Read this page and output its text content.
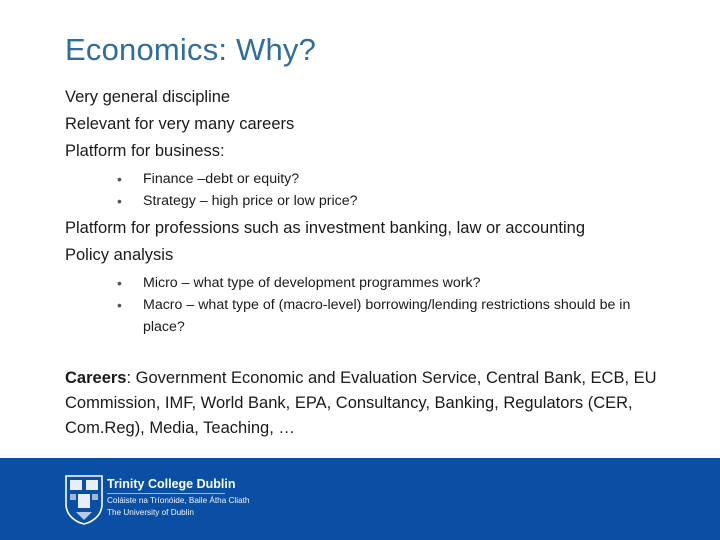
Economics: Why?
Very general discipline
Relevant for very many careers
Platform for business:
• Finance –debt or equity?
• Strategy – high price or low price?
Platform for professions such as investment banking, law or accounting
Policy analysis
• Micro – what type of development programmes work?
• Macro – what type of (macro-level) borrowing/lending restrictions should be in place?
Careers: Government Economic and Evaluation Service, Central Bank, ECB, EU Commission, IMF, World Bank, EPA, Consultancy, Banking, Regulators (CER, Com.Reg), Media, Teaching, …
Trinity College Dublin
Coláiste na Tríonóide, Baile Átha Cliath
The University of Dublin
